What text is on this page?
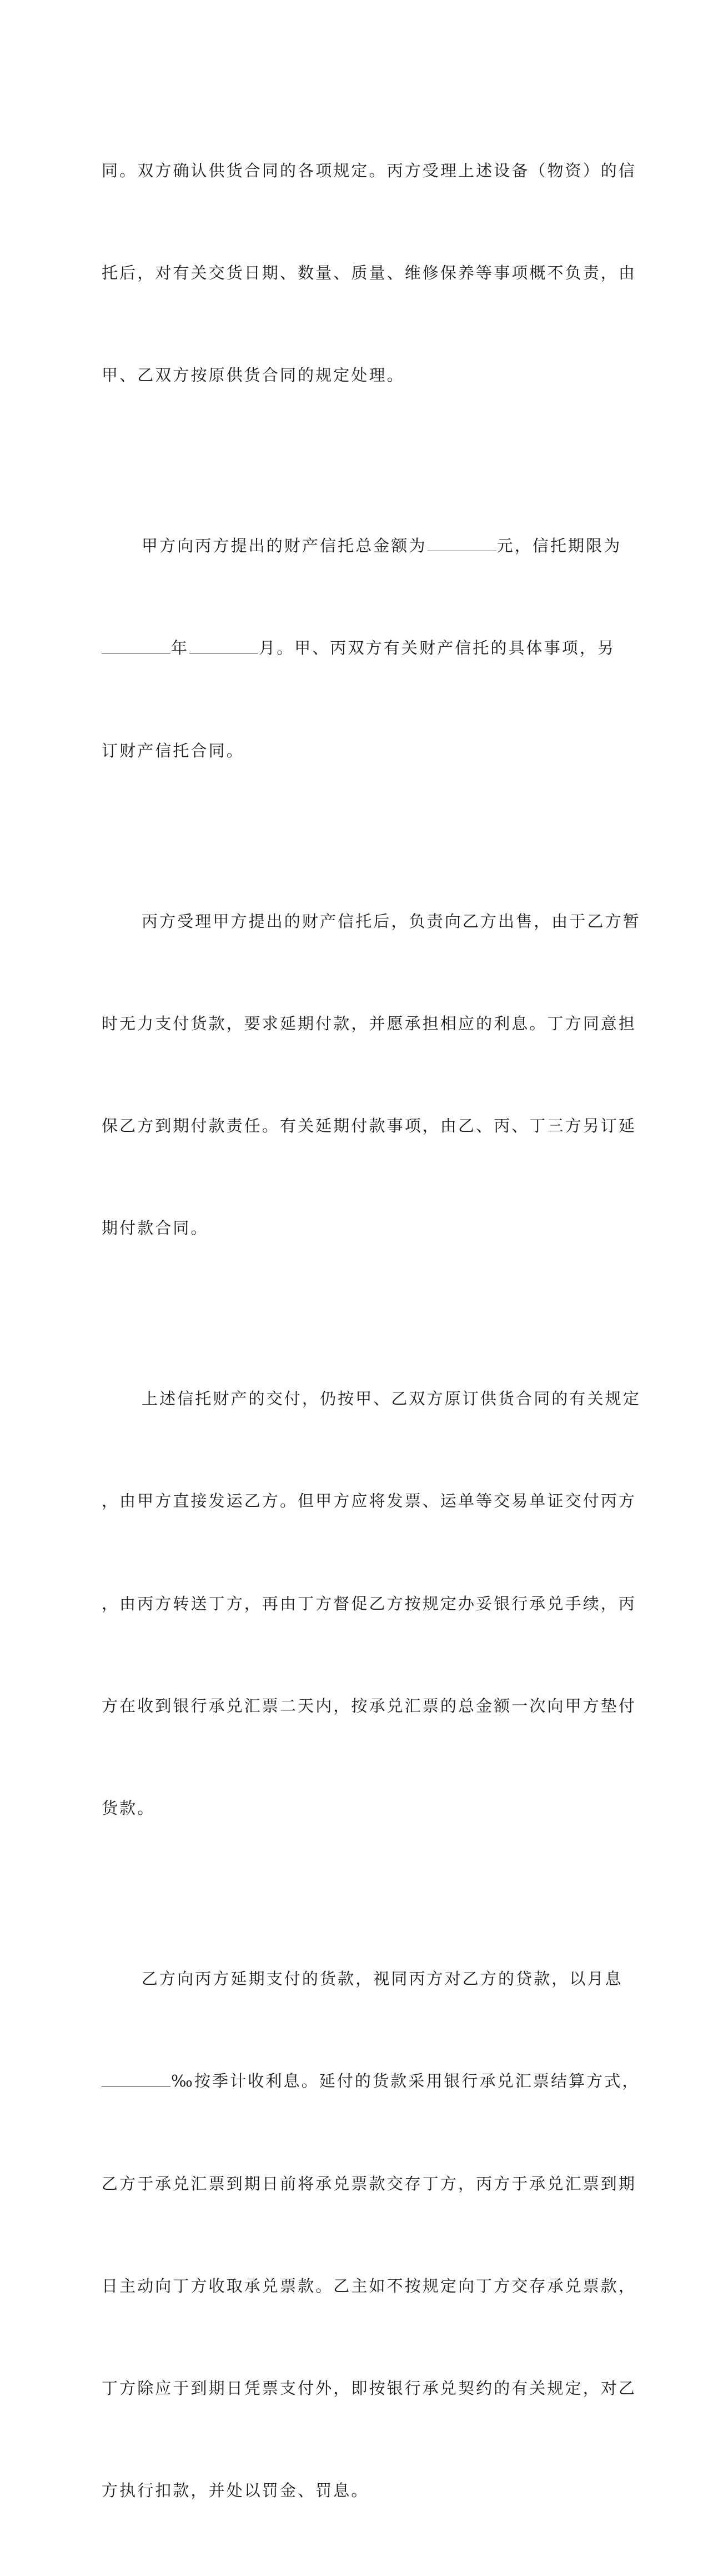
同。双方确认供货合同的各项规定。丙方受理上述设备（物资）的信

托后，对有关交货日期、数量、质量、维修保养等事项概不负责，由

甲、乙双方按原供货合同的规定处理。

甲方向丙方提出的财产信托总金额为	元，信托期限为

年	月。甲、丙双方有关财产信托的具体事项，另

订财产信托合同。

丙方受理甲方提出的财产信托后，负责向乙方出售，由于乙方暂

时无力支付货款，要求延期付款，并愿承担相应的利息。丁方同意担

保乙方到期付款责任。有关延期付款事项，由乙、丙、丁三方另订延

期付款合同。

上述信托财产的交付，仍按甲、乙双方原订供货合同的有关规定

，由甲方直接发运乙方。但甲方应将发票、运单等交易单证交付丙方

，由丙方转送丁方，再由丁方督促乙方按规定办妥银行承兑手续，丙

方在收到银行承兑汇票二天内，按承兑汇票的总金额一次向甲方垫付

货款。

乙方向丙方延期支付的货款，视同丙方对乙方的贷款，以月息

‰按季计收利息。延付的货款采用银行承兑汇票结算方式，

乙方于承兑汇票到期日前将承兑票款交存丁方，丙方于承兑汇票到期

日主动向丁方收取承兑票款。乙主如不按规定向丁方交存承兑票款，

丁方除应于到期日凭票支付外，即按银行承兑契约的有关规定，对乙

方执行扣款，并处以罚金、罚息。
